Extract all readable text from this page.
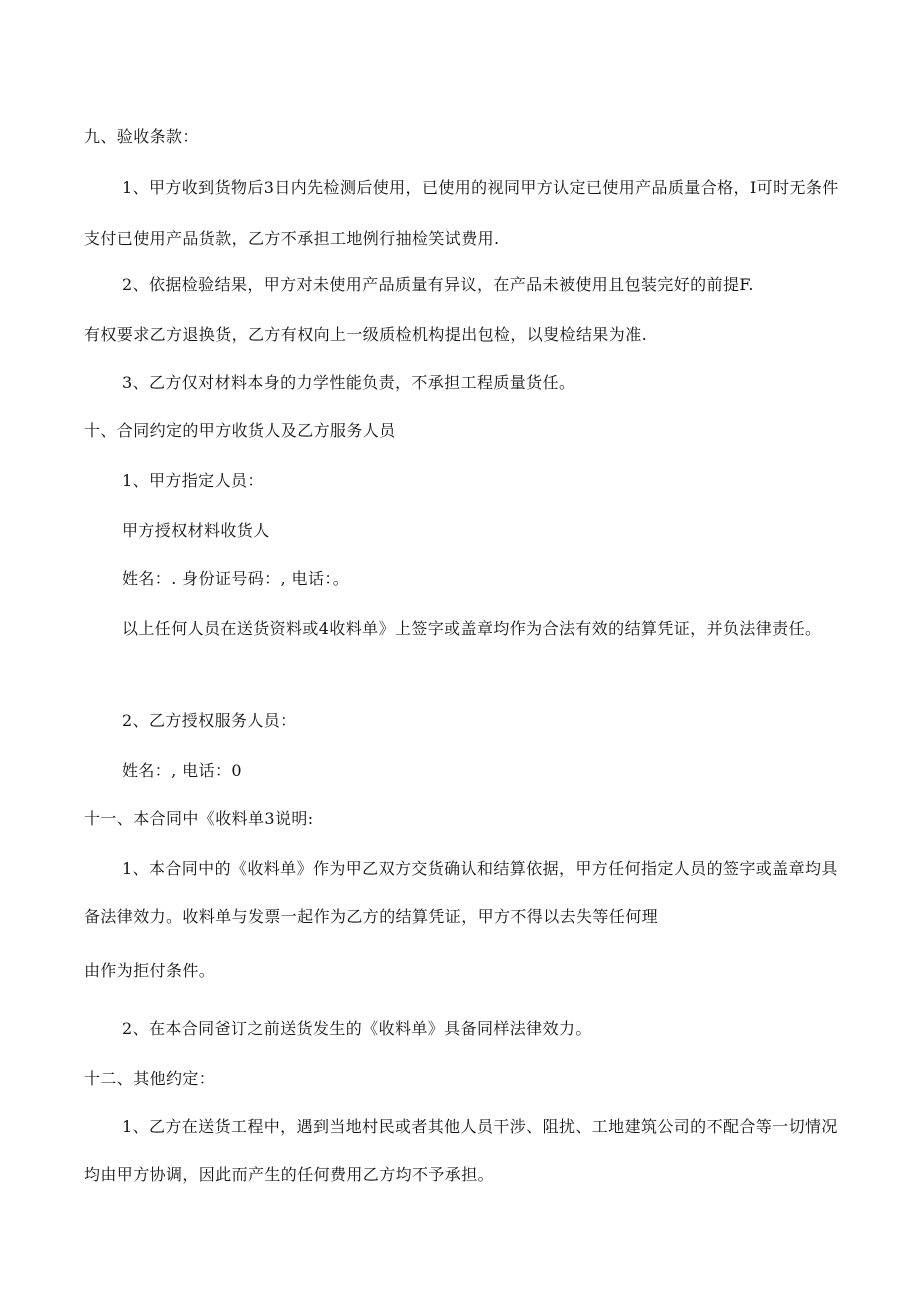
九、验收条款：
1、甲方收到货物后3日内先检测后使用，已使用的视同甲方认定已使用产品质量合格，I可时无条件
支付已使用产品货款，乙方不承担工地例行抽检笑试费用.
2、依据检验结果，甲方对未使用产品质量有异议，在产品未被使用且包装完好的前提F.
有权要求乙方退换货，乙方有权向上一级质检机构提出包检，以叟检结果为准.
3、乙方仅对材料本身的力学性能负责，不承担工程质量货任。
十、合同约定的甲方收货人及乙方服务人员
1、甲方指定人员：
甲方授权材料收货人
姓名：. 身份证号码：, 电话：。
以上任何人员在送货资料或4收料单》上签字或盖章均作为合法有效的结算凭证，并负法律责任。
2、乙方授权服务人员：
姓名：, 电话：0
十一、本合同中《收料单3说明:
1、本合同中的《收料单》作为甲乙双方交货确认和结算依据，甲方任何指定人员的签字或盖章均具
备法律效力。收料单与发票一起作为乙方的结算凭证，甲方不得以去失等任何理
由作为拒付条件。
2、在本合同爸订之前送货发生的《收料单》具备同样法律效力。
十二、其他约定：
1、乙方在送货工程中，遇到当地村民或者其他人员干涉、阻扰、工地建筑公司的不配合等一切情况
均由甲方协调，因此而产生的任何费用乙方均不予承担。
